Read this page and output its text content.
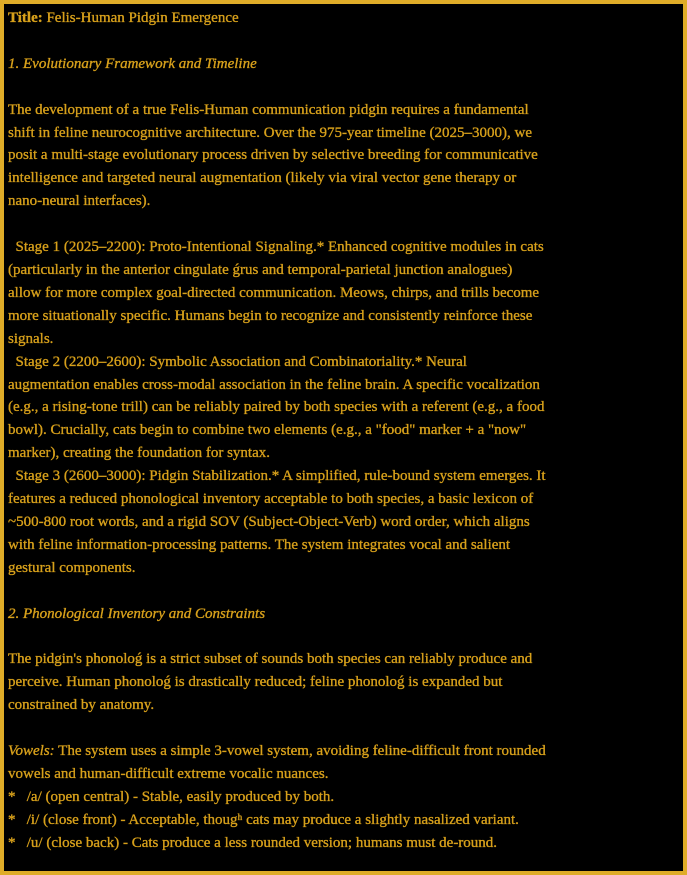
Title: Felis-Human Pidgin Emergence

1. Evolutionary Framework and Timeline

The development of a true Felis-Human communication pidgin requires a fundamental
shift in feline neurocognitive architecture. Over the 975-year timeline (2025–3000), we
posit a multi-stage evolutionary process driven by selective breeding for communicative
intelligence and targeted neural augmentation (likely via viral vector gene therapy or
nano-neural interfaces).

Stage 1 (2025–2200): Proto-Intentional Signaling.* Enhanced cognitive modules in cats
(particularly in the anterior cingulate ǵrus and temporal-parietal junction analogues)
allow for more complex goal-directed communication. Meows, chirps, and trills become
more situationally specific. Humans begin to recognize and consistently reinforce these
signals.
Stage 2 (2200–2600): Symbolic Association and Combinatoriality.* Neural
augmentation enables cross-modal association in the feline brain. A specific vocalization
(e.g., a rising-tone trill) can be reliably paired by both species with a referent (e.g., a food
bowl). Crucially, cats begin to combine two elements (e.g., a "food" marker + a "now"
marker), creating the foundation for syntax.
Stage 3 (2600–3000): Pidgin Stabilization.* A simplified, rule-bound system emerges. It
features a reduced phonological inventory acceptable to both species, a basic lexicon of
~500-800 root words, and a rigid SOV (Subject-Object-Verb) word order, which aligns
with feline information-processing patterns. The system integrates vocal and salient
gestural components.

2. Phonological Inventory and Constraints

The pidgin's phonoloǵ is a strict subset of sounds both species can reliably produce and
perceive. Human phonoloǵ is drastically reduced; feline phonoloǵ is expanded but
constrained by anatomy.

Vowels: The system uses a simple 3-vowel system, avoiding feline-difficult front rounded
vowels and human-difficult extreme vocalic nuances.
*   /a/ (open central) - Stable, easily produced by both.
*   /i/ (close front) - Acceptable, thougʰ cats may produce a slightly nasalized variant.
*   /u/ (close back) - Cats produce a less rounded version; humans must de-round.
